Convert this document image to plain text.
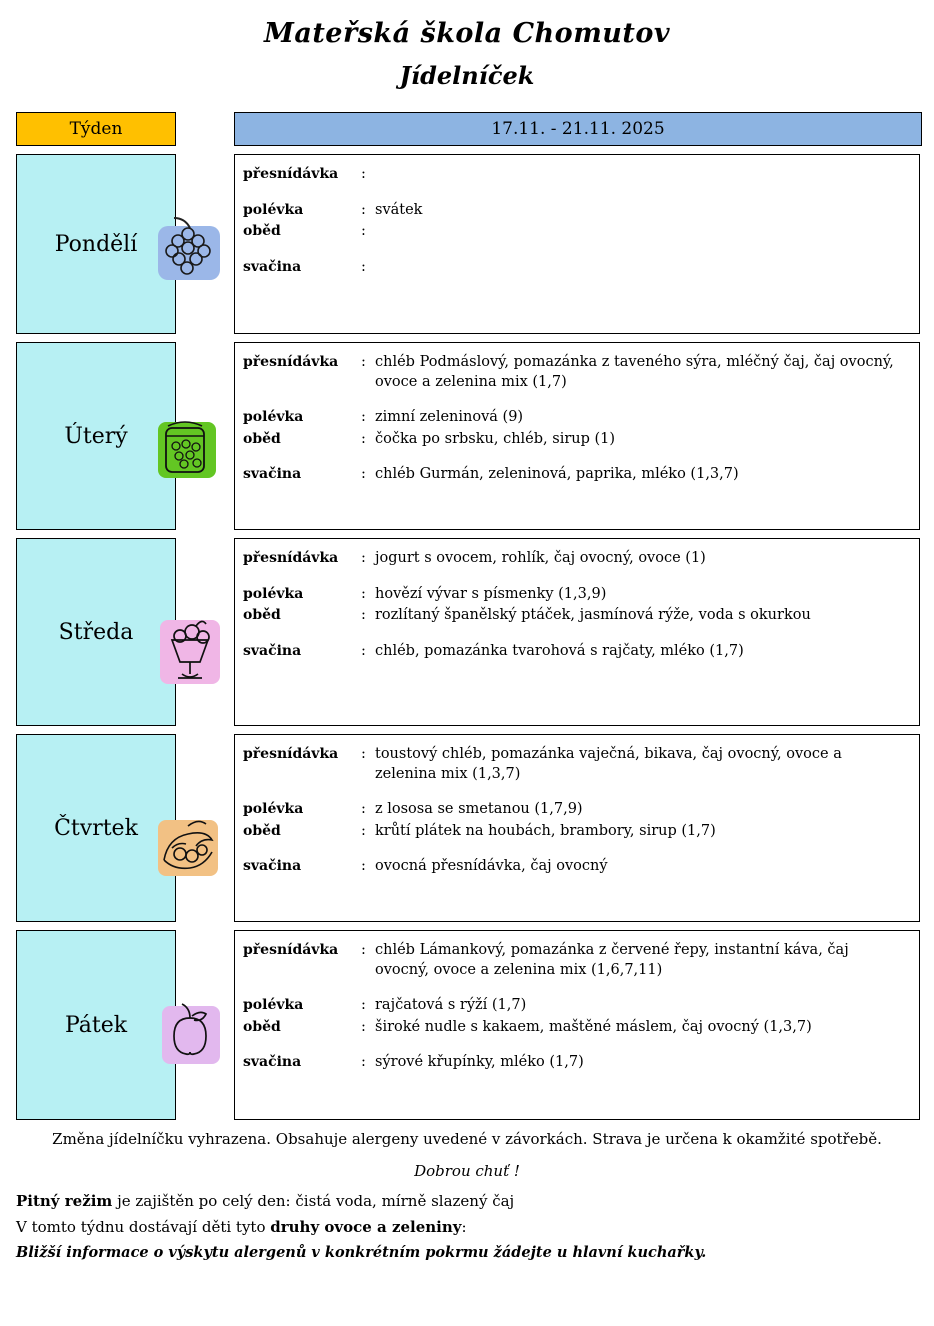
Mateřská škola Chomutov
Jídelníček
Týden	17.11. - 21.11. 2025
Pondělí
přesnídávka	:
polévka	: svátek
oběd	:
svačina	:
Úterý
přesnídávka	: chléb Podmáslový, pomazánka z taveného sýra, mléčný čaj, čaj ovocný, ovoce a zelenina mix (1,7)
polévka	: zimní zeleninová (9)
oběd	: čočka po srbsku, chléb, sirup (1)
svačina	: chléb Gurmán, zeleninová, paprika, mléko (1,3,7)
Středa
přesnídávka	: jogurt s ovocem, rohlík, čaj ovocný, ovoce (1)
polévka	: hovězí vývar s písmenky (1,3,9)
oběd	: rozlítaný španělský ptáček, jasmínová rýže, voda s okurkou
svačina	: chléb, pomazánka tvarohová s rajčaty, mléko (1,7)
Čtvrtek
přesnídávka	: toustový chléb, pomazánka vaječná, bikava, čaj ovocný, ovoce a zelenina mix (1,3,7)
polévka	: z lososa se smetanou (1,7,9)
oběd	: krůtí plátek na houbách, brambory, sirup (1,7)
svačina	: ovocná přesnídávka, čaj ovocný
Pátek
přesnídávka	: chléb Lámankový, pomazánka z červené řepy, instantní káva, čaj ovocný, ovoce a zelenina mix (1,6,7,11)
polévka	: rajčatová s rýží (1,7)
oběd	: široké nudle s kakaem, maštěné máslem, čaj ovocný (1,3,7)
svačina	: sýrové křupínky, mléko (1,7)
Změna jídelníčku vyhrazena. Obsahuje alergeny uvedené v závorkách. Strava je určena k okamžité spotřebě.
Dobrou chuť !
Pitný režim je zajištěn po celý den: čistá voda, mírně slazený čaj
V tomto týdnu dostávají děti tyto druhy ovoce a zeleniny:
Bližší informace o výskytu alergenů v konkrétním pokrmu žádejte u hlavní kuchařky.
